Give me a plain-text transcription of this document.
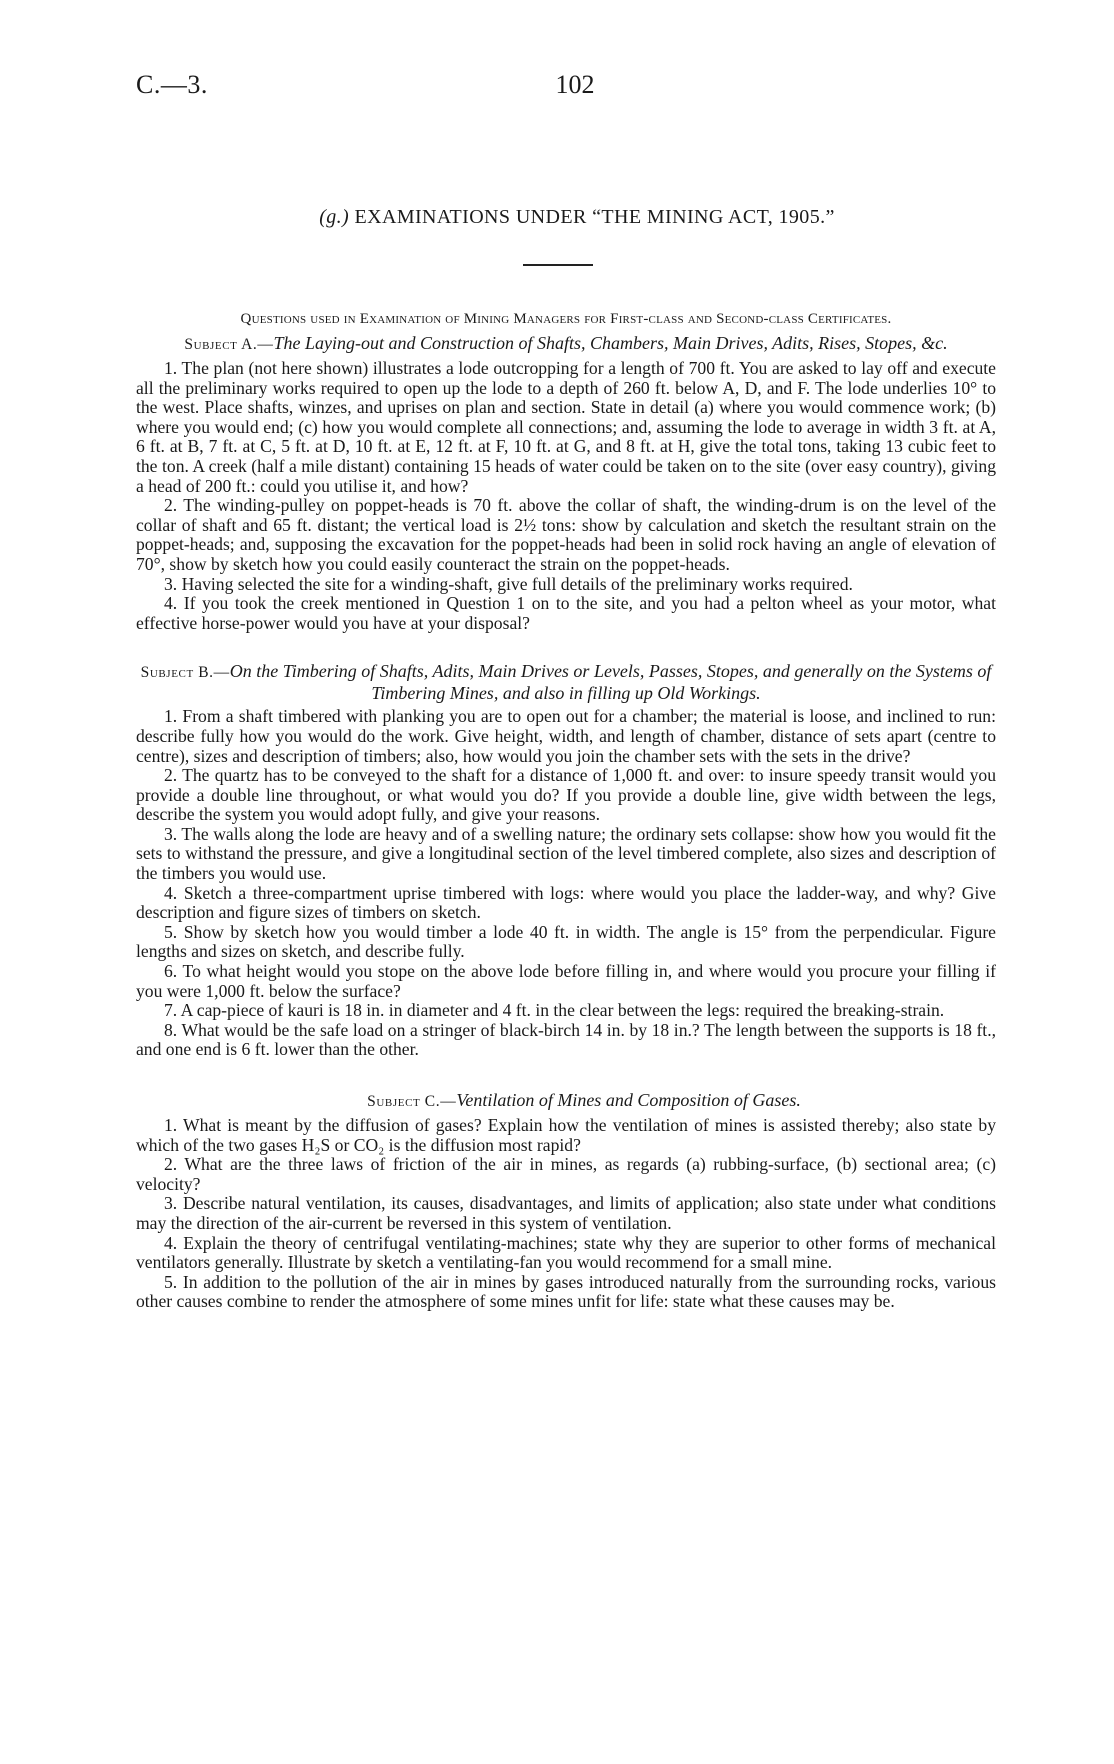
C.—3.	102
(g.) EXAMINATIONS UNDER “THE MINING ACT, 1905.”
Questions used in Examination of Mining Managers for First-class and Second-class Certificates.
Subject A.—The Laying-out and Construction of Shafts, Chambers, Main Drives, Adits, Rises, Stopes, &c.

1. The plan (not here shown) illustrates a lode outcropping for a length of 700 ft. You are asked to lay off and execute all the preliminary works required to open up the lode to a depth of 260 ft. below A, D, and F. The lode underlies 10° to the west. Place shafts, winzes, and uprises on plan and section. State in detail (a) where you would commence work; (b) where you would end; (c) how you would complete all connections; and, assuming the lode to average in width 3 ft. at A, 6 ft. at B, 7 ft. at C, 5 ft. at D, 10 ft. at E, 12 ft. at F, 10 ft. at G, and 8 ft. at H, give the total tons, taking 13 cubic feet to the ton. A creek (half a mile distant) containing 15 heads of water could be taken on to the site (over easy country), giving a head of 200 ft.: could you utilise it, and how?

2. The winding-pulley on poppet-heads is 70 ft. above the collar of shaft, the winding-drum is on the level of the collar of shaft and 65 ft. distant; the vertical load is 2½ tons: show by calculation and sketch the resultant strain on the poppet-heads; and, supposing the excavation for the poppet-heads had been in solid rock having an angle of elevation of 70°, show by sketch how you could easily counteract the strain on the poppet-heads.

3. Having selected the site for a winding-shaft, give full details of the preliminary works required.

4. If you took the creek mentioned in Question 1 on to the site, and you had a pelton wheel as your motor, what effective horse-power would you have at your disposal?

Subject B.—On the Timbering of Shafts, Adits, Main Drives or Levels, Passes, Stopes, and generally on the Systems of Timbering Mines, and also in filling up Old Workings.

1. From a shaft timbered with planking you are to open out for a chamber; the material is loose, and inclined to run: describe fully how you would do the work. Give height, width, and length of chamber, distance of sets apart (centre to centre), sizes and description of timbers; also, how would you join the chamber sets with the sets in the drive?

2. The quartz has to be conveyed to the shaft for a distance of 1,000 ft. and over: to insure speedy transit would you provide a double line throughout, or what would you do? If you provide a double line, give width between the legs, describe the system you would adopt fully, and give your reasons.

3. The walls along the lode are heavy and of a swelling nature; the ordinary sets collapse: show how you would fit the sets to withstand the pressure, and give a longitudinal section of the level timbered complete, also sizes and description of the timbers you would use.

4. Sketch a three-compartment uprise timbered with logs: where would you place the ladder-way, and why? Give description and figure sizes of timbers on sketch.

5. Show by sketch how you would timber a lode 40 ft. in width. The angle is 15° from the perpendicular. Figure lengths and sizes on sketch, and describe fully.

6. To what height would you stope on the above lode before filling in, and where would you procure your filling if you were 1,000 ft. below the surface?

7. A cap-piece of kauri is 18 in. in diameter and 4 ft. in the clear between the legs: required the breaking-strain.

8. What would be the safe load on a stringer of black-birch 14 in. by 18 in.? The length between the supports is 18 ft., and one end is 6 ft. lower than the other.

Subject C.—Ventilation of Mines and Composition of Gases.

1. What is meant by the diffusion of gases? Explain how the ventilation of mines is assisted thereby; also state by which of the two gases H₂S or CO₂ is the diffusion most rapid?

2. What are the three laws of friction of the air in mines, as regards (a) rubbing-surface, (b) sectional area; (c) velocity?

3. Describe natural ventilation, its causes, disadvantages, and limits of application; also state under what conditions may the direction of the air-current be reversed in this system of ventilation.

4. Explain the theory of centrifugal ventilating-machines; state why they are superior to other forms of mechanical ventilators generally. Illustrate by sketch a ventilating-fan you would recommend for a small mine.

5. In addition to the pollution of the air in mines by gases introduced naturally from the surrounding rocks, various other causes combine to render the atmosphere of some mines unfit for life: state what these causes may be.
